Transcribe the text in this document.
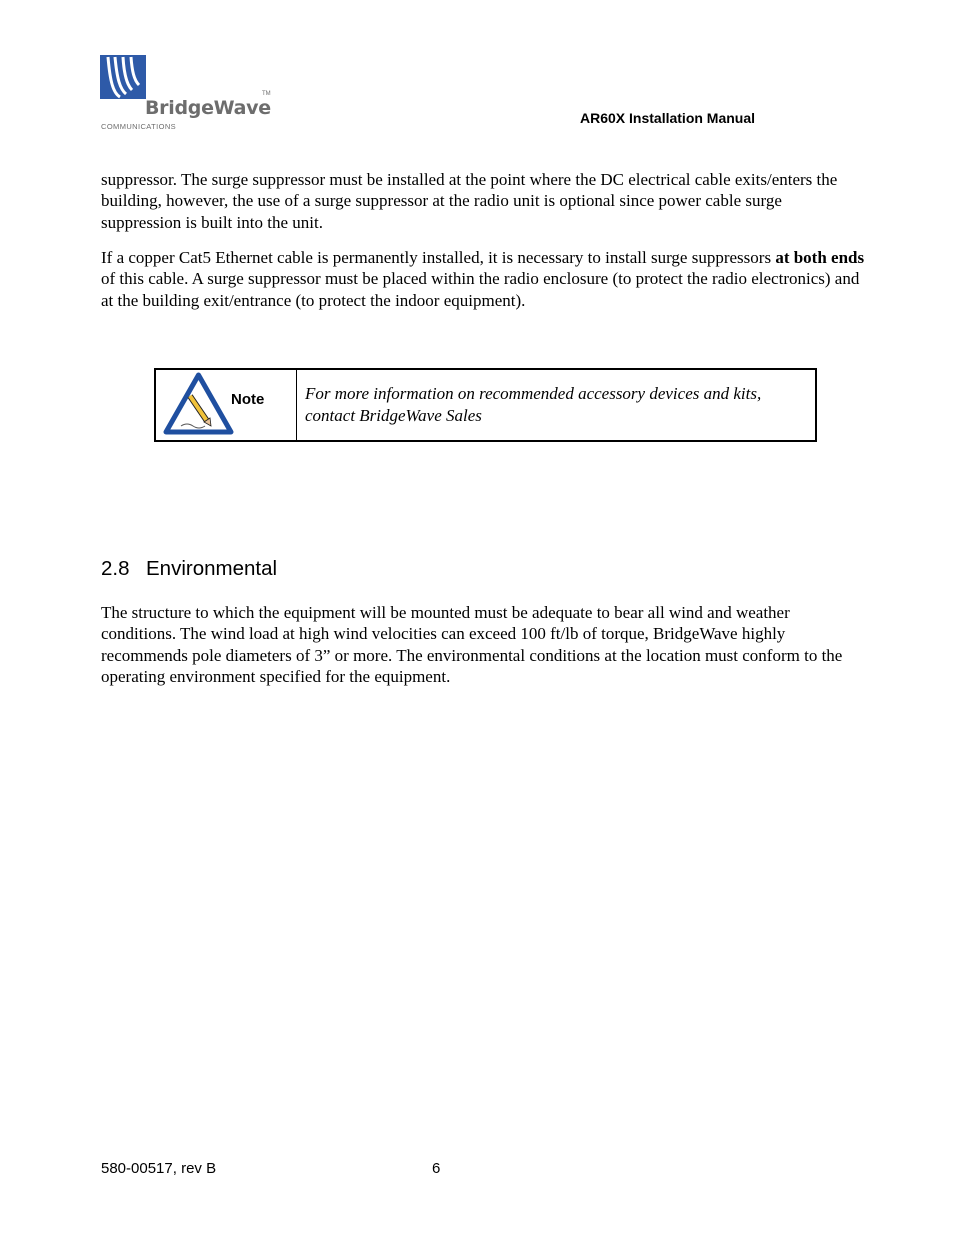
BridgeWave
TM
COMMUNICATIONS
AR60X Installation Manual

suppressor. The surge suppressor must be installed at the point where the DC electrical cable exits/enters the building, however, the use of a surge suppressor at the radio unit is optional since power cable surge suppression is built into the unit.

If a copper Cat5 Ethernet cable is permanently installed, it is necessary to install surge suppressors at both ends of this cable. A surge suppressor must be placed within the radio enclosure (to protect the radio electronics) and at the building exit/entrance (to protect the indoor equipment).

Note For more information on recommended accessory devices and kits, contact BridgeWave Sales
2.8 Environmental

The structure to which the equipment will be mounted must be adequate to bear all wind and weather conditions. The wind load at high wind velocities can exceed 100 ft/lb of torque, BridgeWave highly recommends pole diameters of 3” or more. The environmental conditions at the location must conform to the operating environment specified for the equipment.

580-00517, rev B	6
